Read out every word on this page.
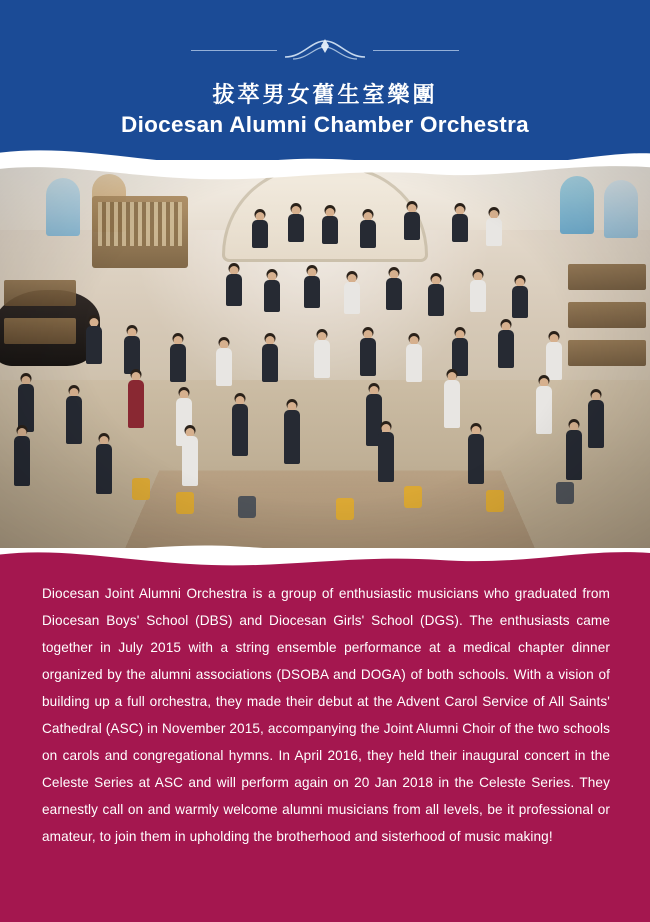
拔萃男女舊生室樂團
Diocesan Alumni Chamber Orchestra
Diocesan Joint Alumni Orchestra is a group of enthusiastic musicians who graduated from Diocesan Boys' School (DBS) and Diocesan Girls' School (DGS). The enthusiasts came together in July 2015 with a string ensemble performance at a medical chapter dinner organized by the alumni associations (DSOBA and DOGA) of both schools. With a vision of building up a full orchestra, they made their debut at the Advent Carol Service of All Saints' Cathedral (ASC) in November 2015, accompanying the Joint Alumni Choir of the two schools on carols and congregational hymns. In April 2016, they held their inaugural concert in the Celeste Series at ASC and will perform again on 20 Jan 2018 in the Celeste Series. They earnestly call on and warmly welcome alumni musicians from all levels, be it professional or amateur, to join them in upholding the brotherhood and sisterhood of music making!
